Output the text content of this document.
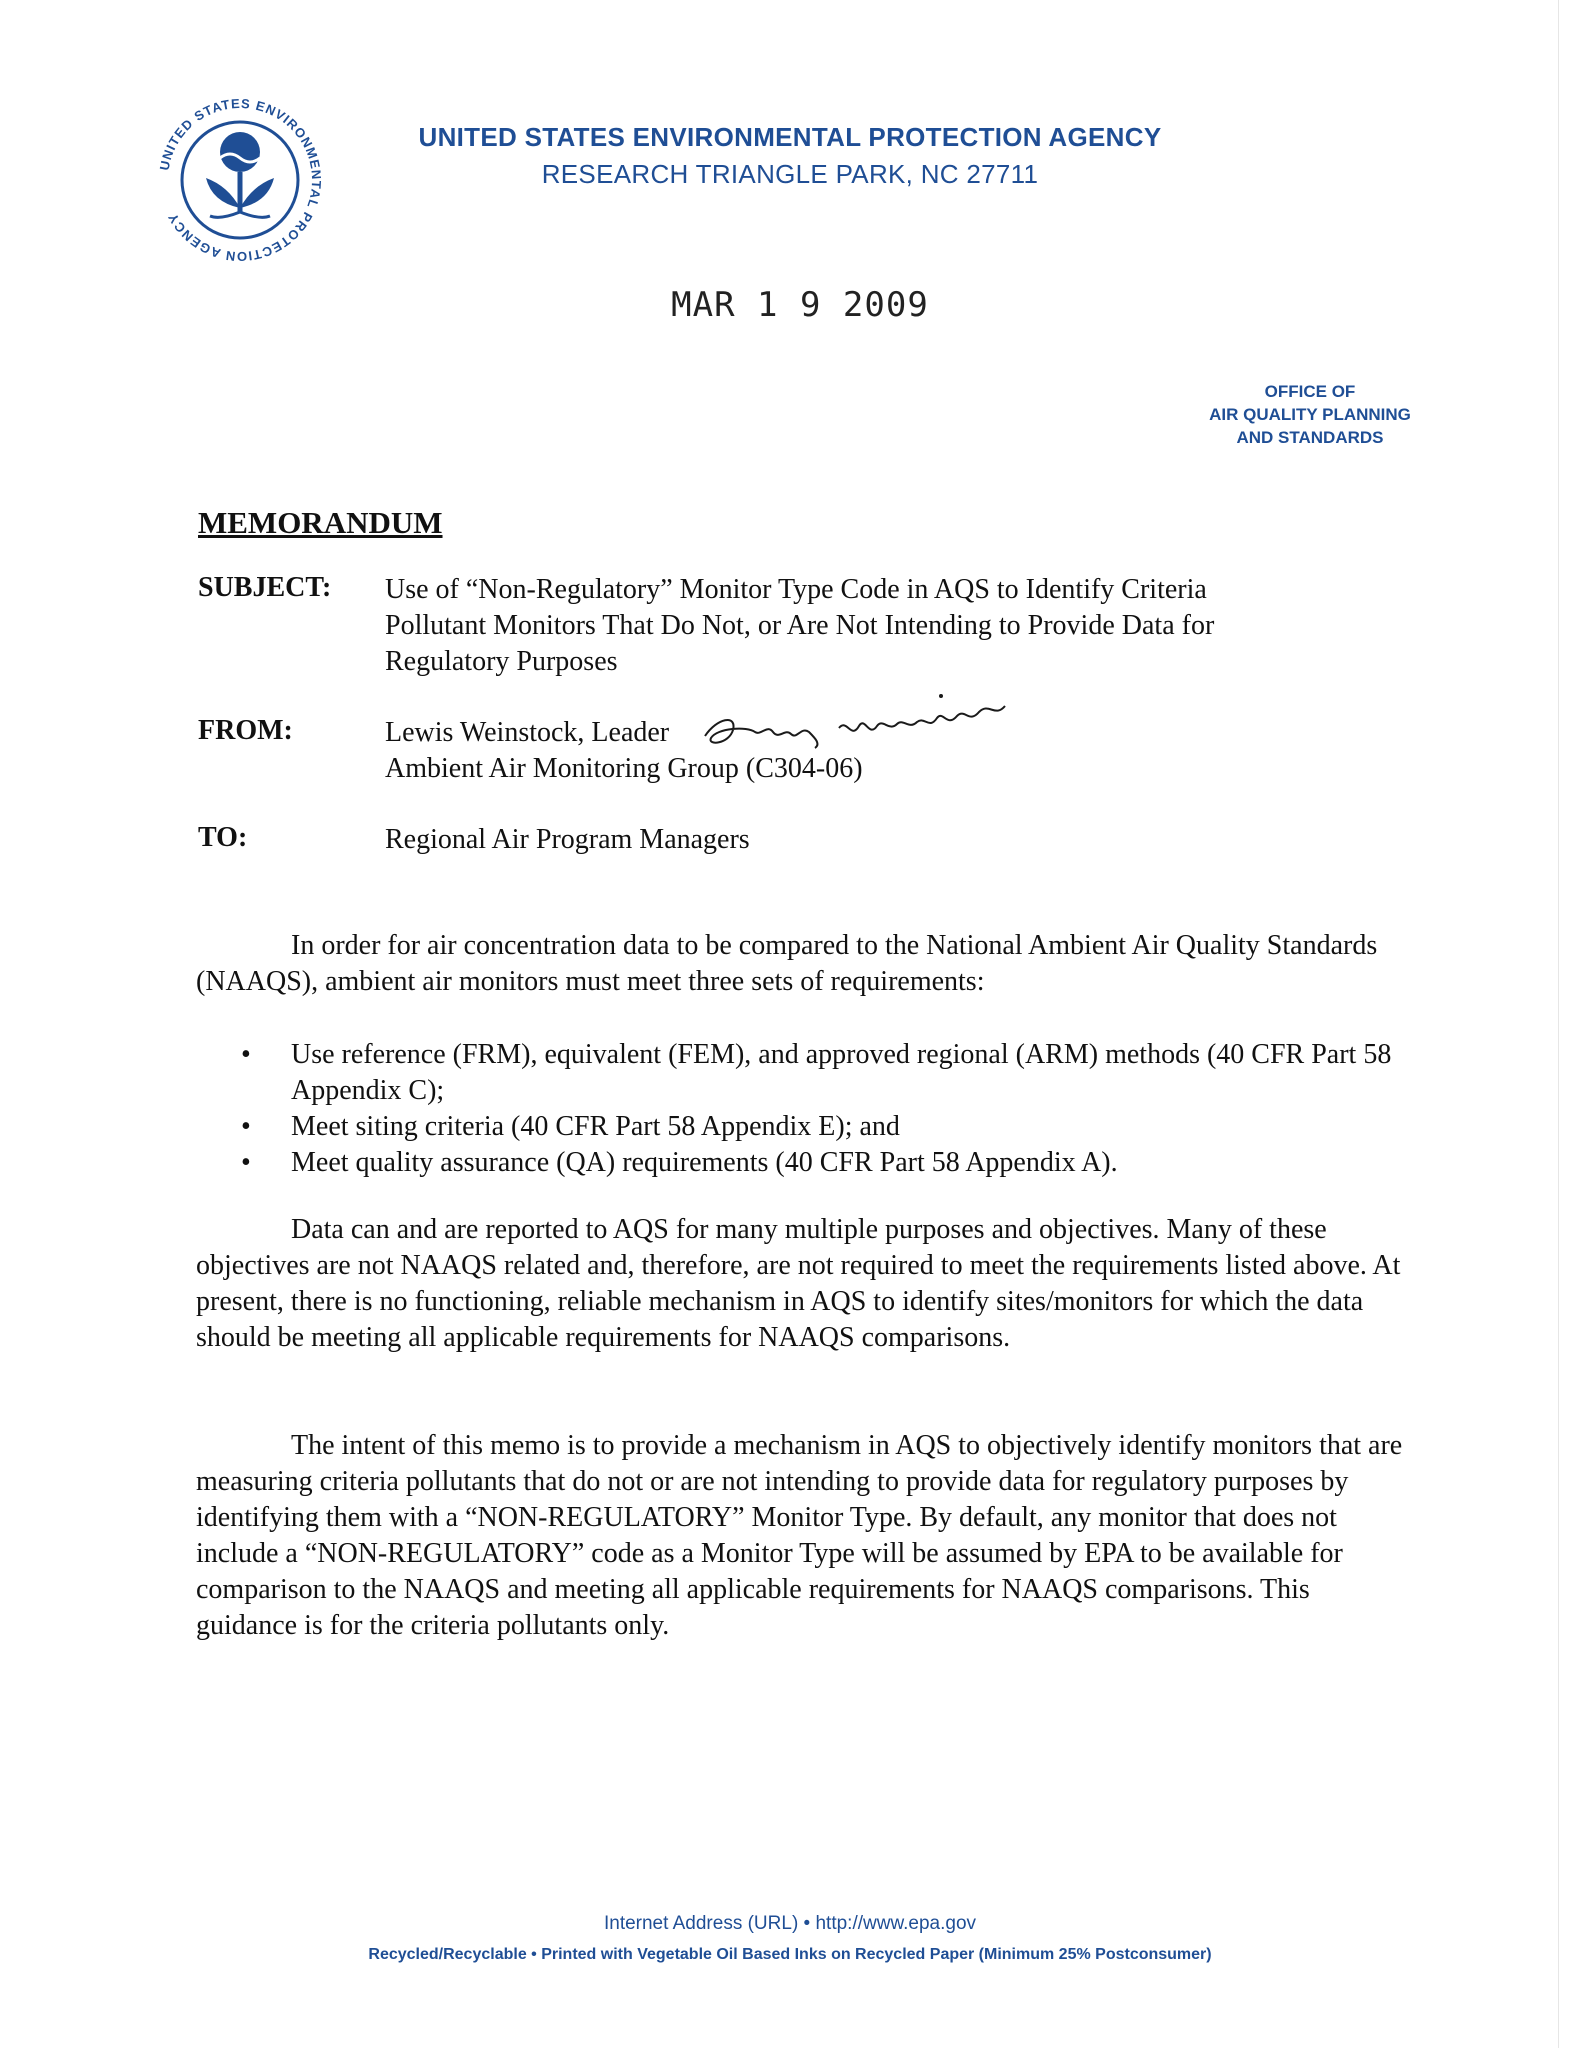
UNITED STATES ENVIRONMENTAL PROTECTION AGENCY
UNITED STATES ENVIRONMENTAL PROTECTION AGENCY
RESEARCH TRIANGLE PARK, NC 27711
MAR 1 9 2009
OFFICE OF
AIR QUALITY PLANNING
AND STANDARDS
MEMORANDUM
SUBJECT: Use of “Non-Regulatory” Monitor Type Code in AQS to Identify Criteria
Pollutant Monitors That Do Not, or Are Not Intending to Provide Data for
Regulatory Purposes
FROM:	Lewis Weinstock, Leader
Ambient Air Monitoring Group (C304-06)
TO:	Regional Air Program Managers
In order for air concentration data to be compared to the National Ambient Air Quality Standards (NAAQS), ambient air monitors must meet three sets of requirements:
• Use reference (FRM), equivalent (FEM), and approved regional (ARM) methods (40 CFR Part 58 Appendix C);
• Meet siting criteria (40 CFR Part 58 Appendix E); and
• Meet quality assurance (QA) requirements (40 CFR Part 58 Appendix A).
Data can and are reported to AQS for many multiple purposes and objectives. Many of these objectives are not NAAQS related and, therefore, are not required to meet the requirements listed above. At present, there is no functioning, reliable mechanism in AQS to identify sites/monitors for which the data should be meeting all applicable requirements for NAAQS comparisons.
The intent of this memo is to provide a mechanism in AQS to objectively identify monitors that are measuring criteria pollutants that do not or are not intending to provide data for regulatory purposes by identifying them with a “NON-REGULATORY” Monitor Type. By default, any monitor that does not include a “NON-REGULATORY” code as a Monitor Type will be assumed by EPA to be available for comparison to the NAAQS and meeting all applicable requirements for NAAQS comparisons. This guidance is for the criteria pollutants only.
Internet Address (URL) • http://www.epa.gov
Recycled/Recyclable • Printed with Vegetable Oil Based Inks on Recycled Paper (Minimum 25% Postconsumer)
